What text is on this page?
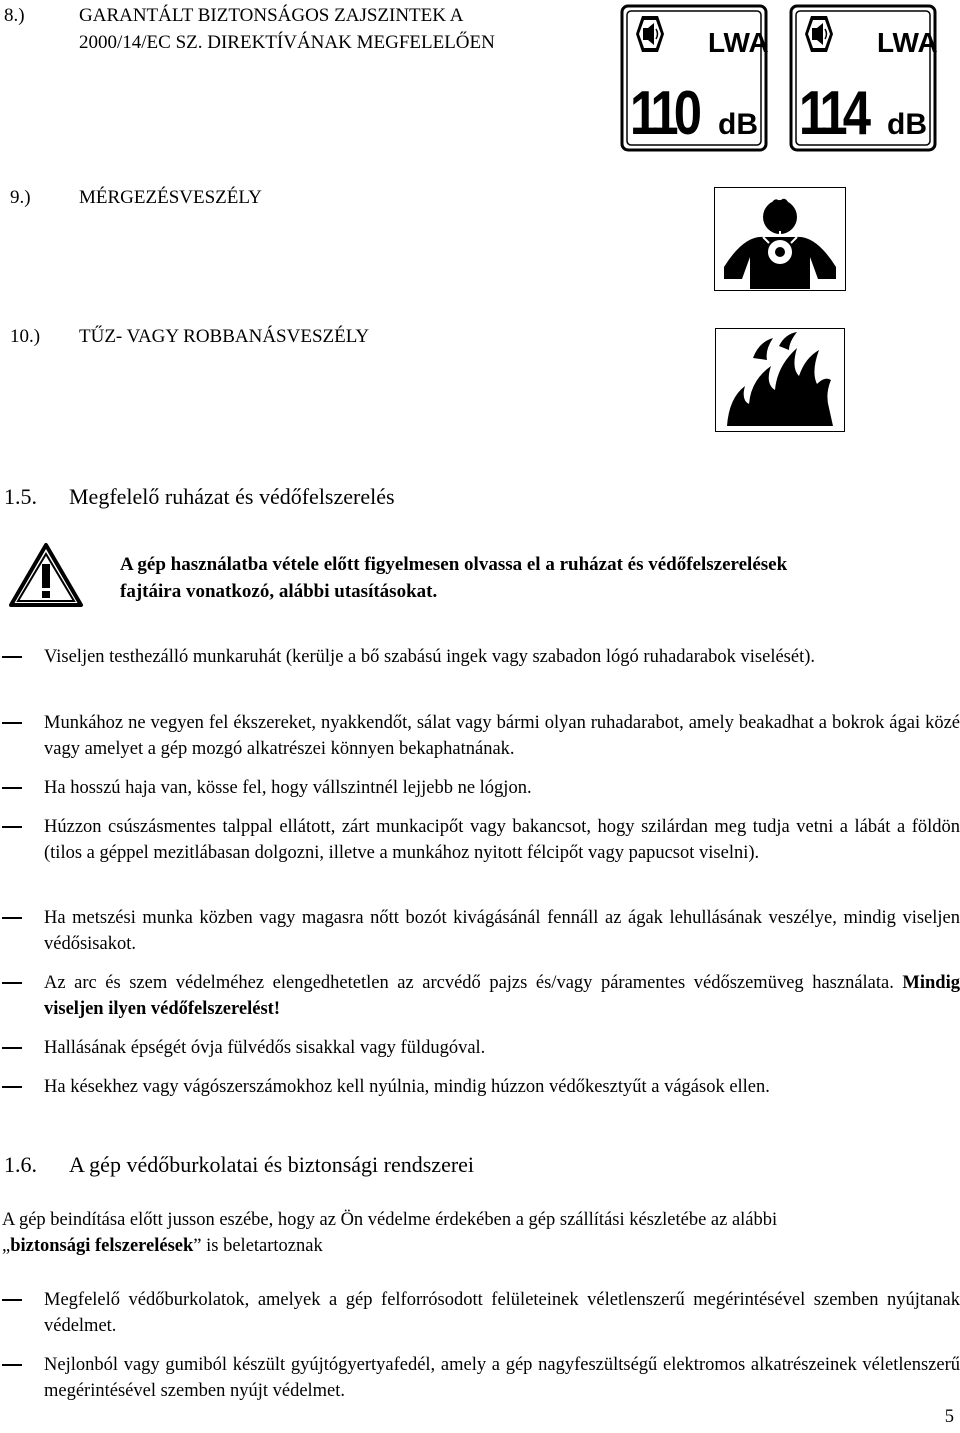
8.)	GARANTÁLT BIZTONSÁGOS ZAJSZINTEK A
2000/14/EC SZ. DIREKTÍVÁNAK MEGFELELŐEN	LWA
110 dB
LWA
114 dB
9.)	MÉRGEZÉSVESZÉLY
10.) TŰZ- VAGY ROBBANÁSVESZÉLY
1.5. Megfelelő ruházat és védőfelszerelés
A gép használatba vétele előtt figyelmesen olvassa el a ruházat és védőfelszerelések
fajtáira vonatkozó, alábbi utasításokat.
Viseljen testhezálló munkaruhát (kerülje a bő szabású ingek vagy szabadon lógó ruhadarabok viselését).
Munkához ne vegyen fel ékszereket, nyakkendőt, sálat vagy bármi olyan ruhadarabot, amely beakadhat a bokrok ágai közé vagy amelyet a gép mozgó alkatrészei könnyen bekaphatnának.
Ha hosszú haja van, kösse fel, hogy vállszintnél lejjebb ne lógjon.
Húzzon csúszásmentes talppal ellátott, zárt munkacipőt vagy bakancsot, hogy szilárdan meg tudja vetni a lábát a földön (tilos a géppel mezitlábasan dolgozni, illetve a munkához nyitott félcipőt vagy papucsot viselni).
Ha metszési munka közben vagy magasra nőtt bozót kivágásánál fennáll az ágak lehullásának veszélye, mindig viseljen védősisakot.
Az arc és szem védelméhez elengedhetetlen az arcvédő pajzs és/vagy páramentes védőszemüveg használata. Mindig viseljen ilyen védőfelszerelést!
Hallásának épségét óvja fülvédős sisakkal vagy füldugóval.
Ha késekhez vagy vágószerszámokhoz kell nyúlnia, mindig húzzon védőkesztyűt a vágások ellen.
1.6. A gép védőburkolatai és biztonsági rendszerei
A gép beindítása előtt jusson eszébe, hogy az Ön védelme érdekében a gép szállítási készletébe az alábbi
„biztonsági felszerelések” is beletartoznak
Megfelelő védőburkolatok, amelyek a gép felforrósodott felületeinek véletlenszerű megérintésével szemben nyújtanak védelmet.
Nejlonból vagy gumiból készült gyújtógyertyafedél, amely a gép nagyfeszültségű elektromos alkatrészeinek véletlenszerű megérintésével szemben nyújt védelmet.
5
